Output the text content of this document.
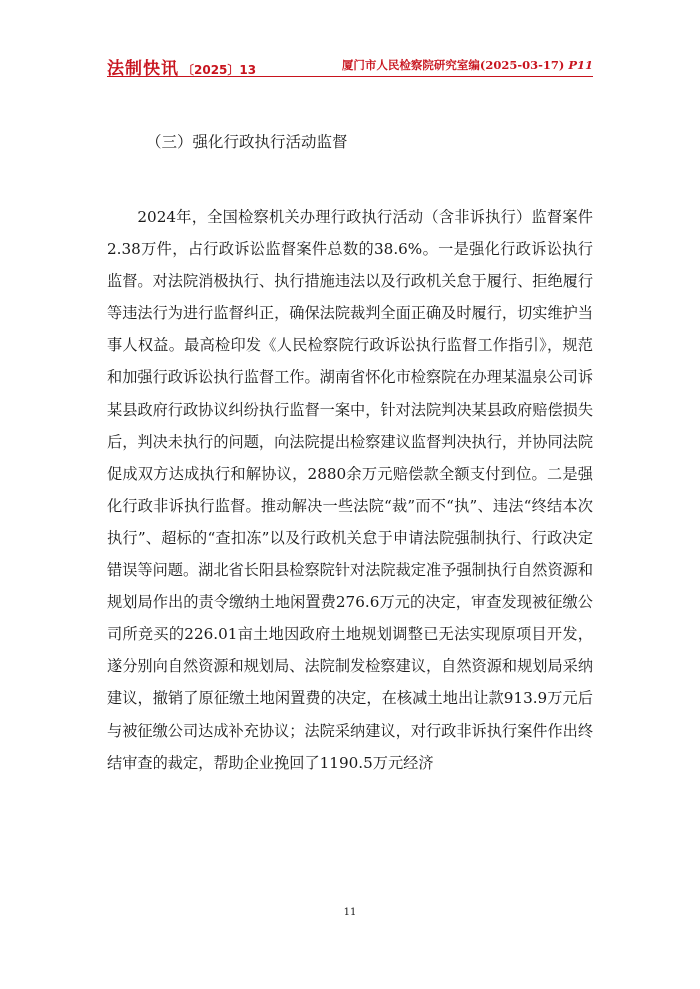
法制快讯 〔2025〕13	厦门市人民检察院研究室编(2025-03-17) P11
（三）强化行政执行活动监督

2024年，全国检察机关办理行政执行活动（含非诉执行）监督案件2.38万件，占行政诉讼监督案件总数的38.6%。一是强化行政诉讼执行监督。对法院消极执行、执行措施违法以及行政机关怠于履行、拒绝履行等违法行为进行监督纠正，确保法院裁判全面正确及时履行，切实维护当事人权益。最高检印发《人民检察院行政诉讼执行监督工作指引》，规范和加强行政诉讼执行监督工作。湖南省怀化市检察院在办理某温泉公司诉某县政府行政协议纠纷执行监督一案中，针对法院判决某县政府赔偿损失后，判决未执行的问题，向法院提出检察建议监督判决执行，并协同法院促成双方达成执行和解协议，2880余万元赔偿款全额支付到位。二是强化行政非诉执行监督。推动解决一些法院“裁”而不“执”、违法“终结本次执行”、超标的“查扣冻”以及行政机关怠于申请法院强制执行、行政决定错误等问题。湖北省长阳县检察院针对法院裁定准予强制执行自然资源和规划局作出的责令缴纳土地闲置费276.6万元的决定，审查发现被征缴公司所竞买的226.01亩土地因政府土地规划调整已无法实现原项目开发，遂分别向自然资源和规划局、法院制发检察建议，自然资源和规划局采纳建议，撤销了原征缴土地闲置费的决定，在核减土地出让款913.9万元后与被征缴公司达成补充协议；法院采纳建议，对行政非诉执行案件作出终结审查的裁定，帮助企业挽回了1190.5万元经济

11
